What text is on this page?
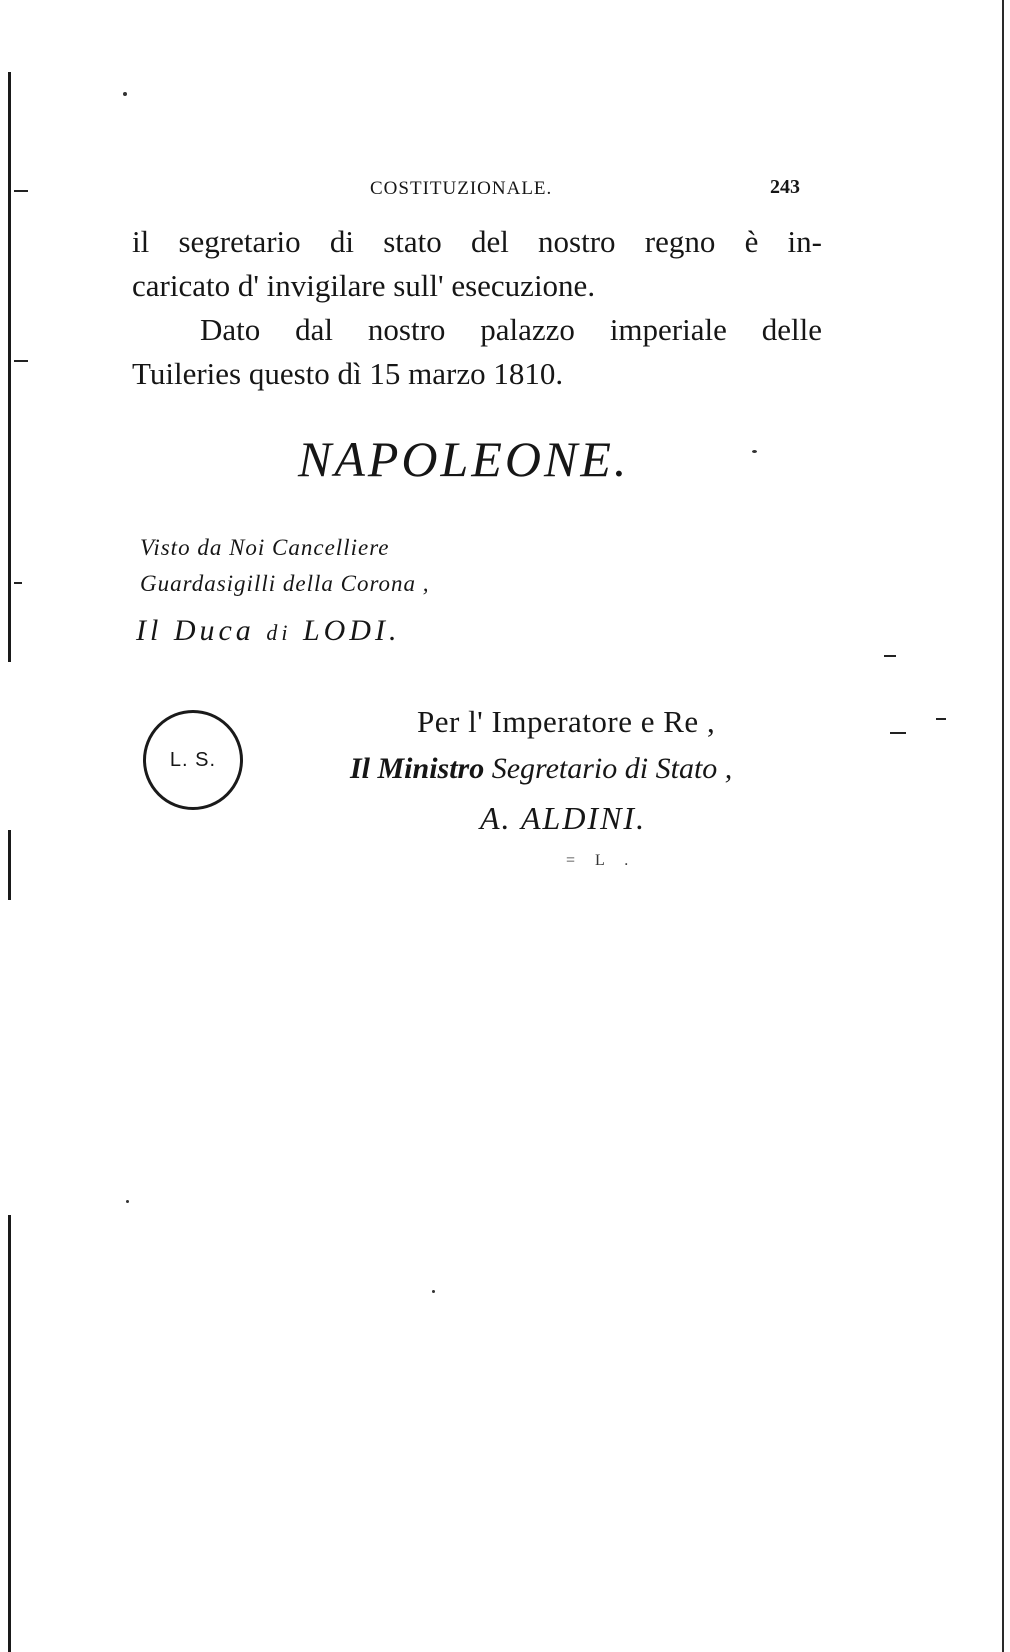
COSTITUZIONALE.	243
il segretario di stato del nostro regno è in-
caricato d' invigilare sull' esecuzione.
Dato dal nostro palazzo imperiale delle
Tuileries questo dì 15 marzo 1810.
NAPOLEONE.
Visto da Noi Cancelliere
Guardasigilli della Corona ,
Il Duca di LODI.
L. S.
Per l' Imperatore e Re ,
Il Ministro Segretario di Stato ,
A. ALDINI.
= L .
